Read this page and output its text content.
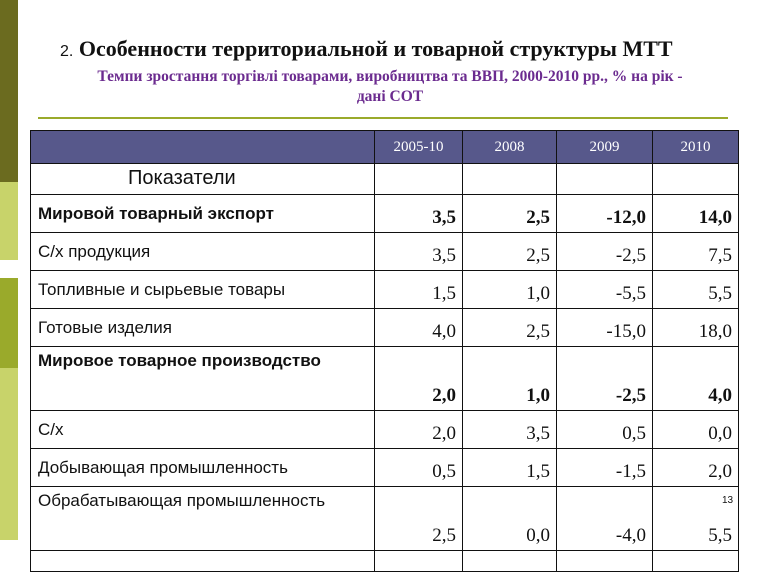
2. Особенности территориальной и товарной структуры МТТ
Темпи зростання торгівлі товарами, виробництва та ВВП, 2000-2010 рр., % на рік -
дані СОТ
	2005-10	2008	2009	2010

Мировой товарный экспорт	3,5	2,5	-12,0	14,0
С/х продукция	3,5	2,5	-2,5	7,5
Топливные и сырьевые товары	1,5	1,0	-5,5	5,5
Готовые изделия	4,0	2,5	-15,0	18,0
Мировое товарное производство	2,0	1,0	-2,5	4,0
С/х	2,0	3,5	0,5	0,0
Добывающая промышленность	0,5	1,5	-1,5	2,0
Обрабатывающая промышленность	2,5	0,0	-4,0	5,5

Показатели
13
